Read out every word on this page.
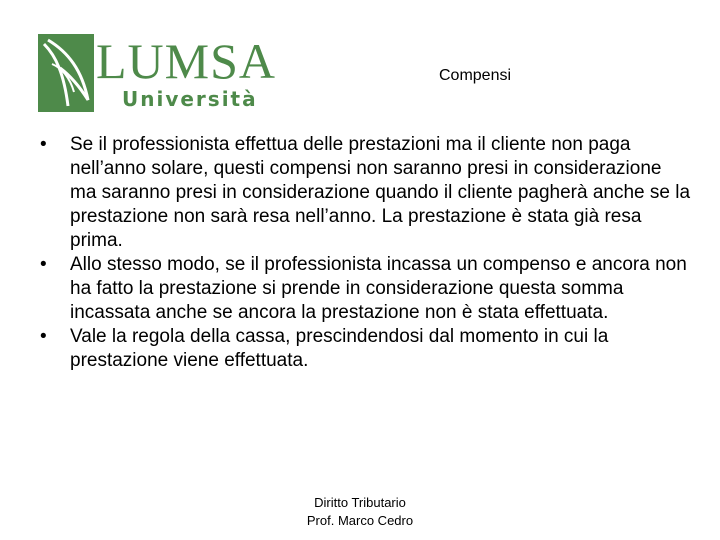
LUMSA
Università
Compensi
• Se il professionista effettua delle prestazioni ma il cliente non paga nell’anno solare, questi compensi non saranno presi in considerazione ma saranno presi in considerazione quando il cliente pagherà anche se la prestazione non sarà resa nell’anno. La prestazione è stata già resa prima.
• Allo stesso modo, se il professionista incassa un compenso e ancora non ha fatto la prestazione si prende in considerazione questa somma incassata anche se ancora la prestazione non è stata effettuata.
• Vale la regola della cassa, prescindendosi dal momento in cui la prestazione viene effettuata.
Diritto Tributario
Prof. Marco Cedro
